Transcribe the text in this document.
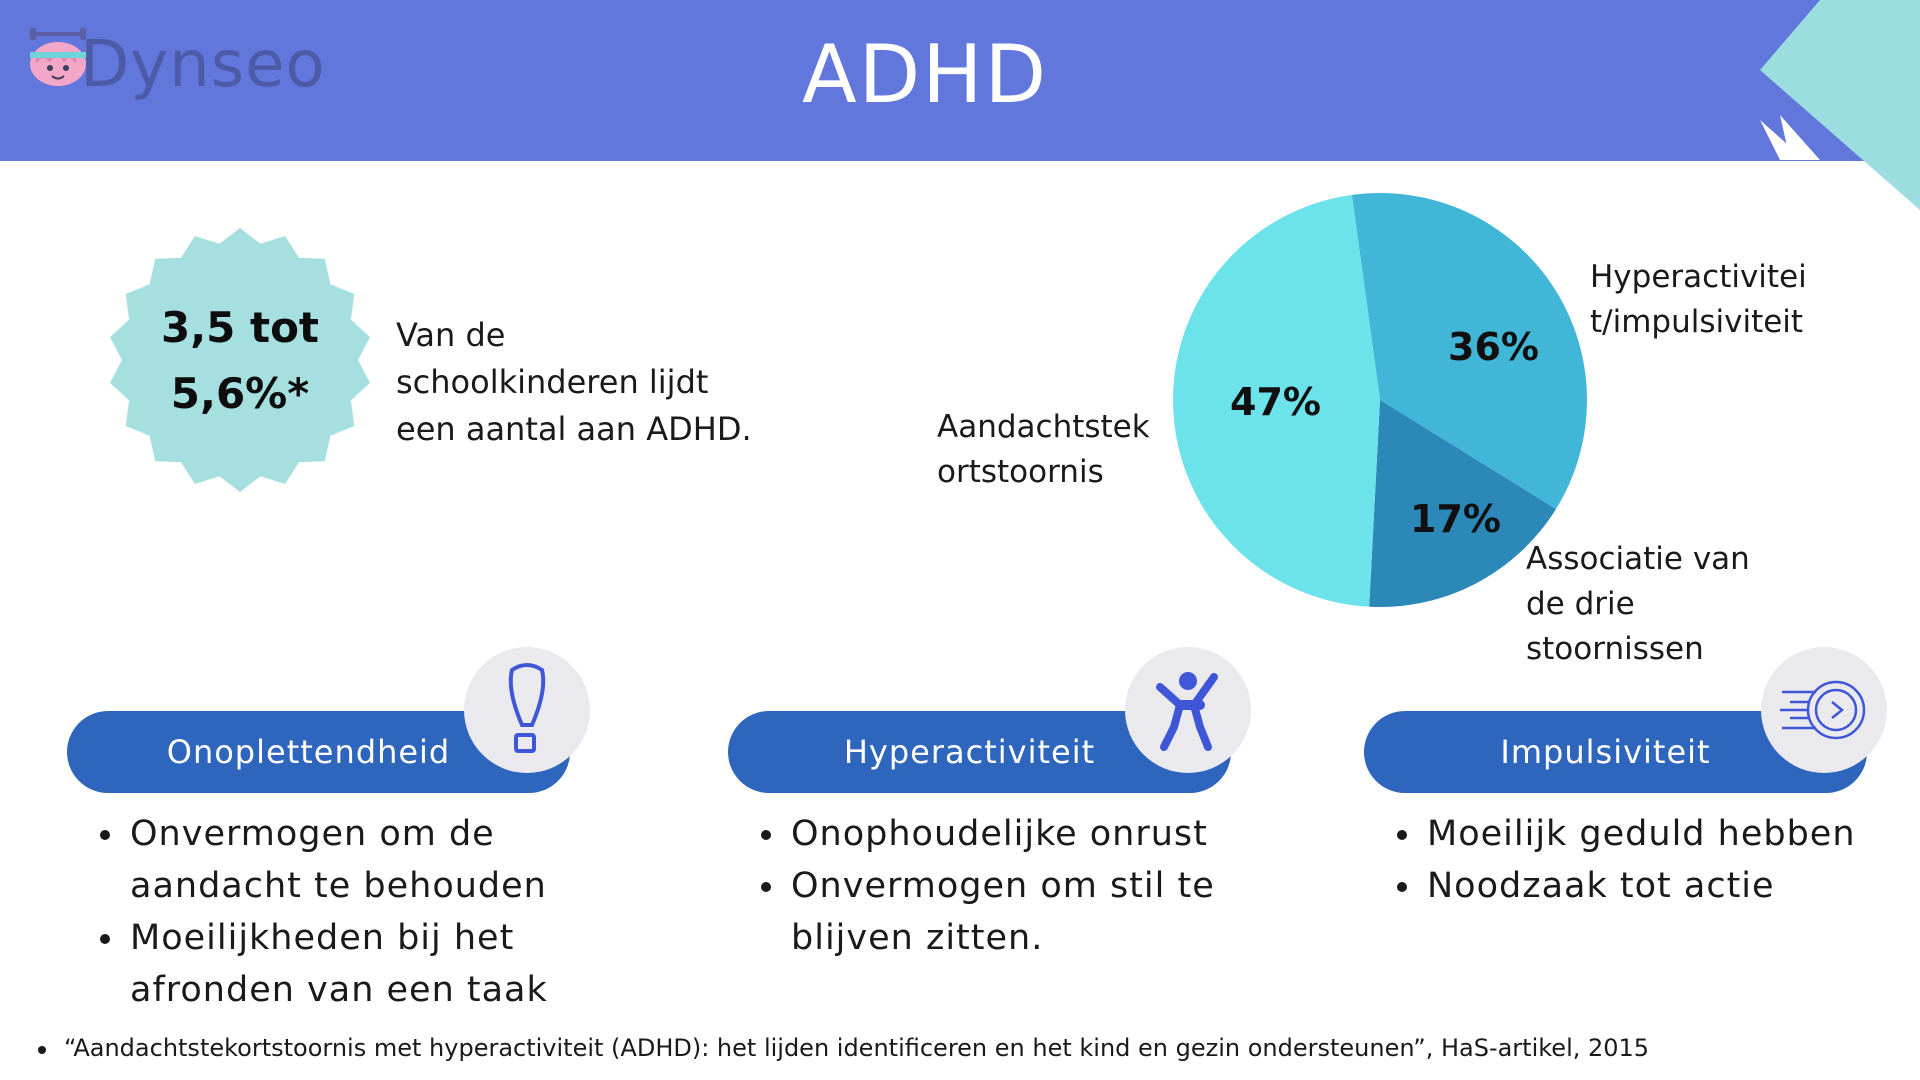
ADHD
Dynseo
3,5 tot
5,6%*
Van de
schoolkinderen lijdt
een aantal aan ADHD.
36%
17%
47%
Hyperactivitei
t/impulsiviteit
Associatie van
de drie
stoornissen
Aandachtstek
ortstoornis
Onoplettendheid	Hyperactiviteit	Impulsiviteit
Onvermogen om de
aandacht te behouden
Moeilijkheden bij het
afronden van een taak
Onophoudelijke onrust
Onvermogen om stil te
blijven zitten.
Moeilijk geduld hebben
Noodzaak tot actie
“Aandachtstekortstoornis met hyperactiviteit (ADHD): het lijden identificeren en het kind en gezin ondersteunen”, HaS-artikel, 2015
